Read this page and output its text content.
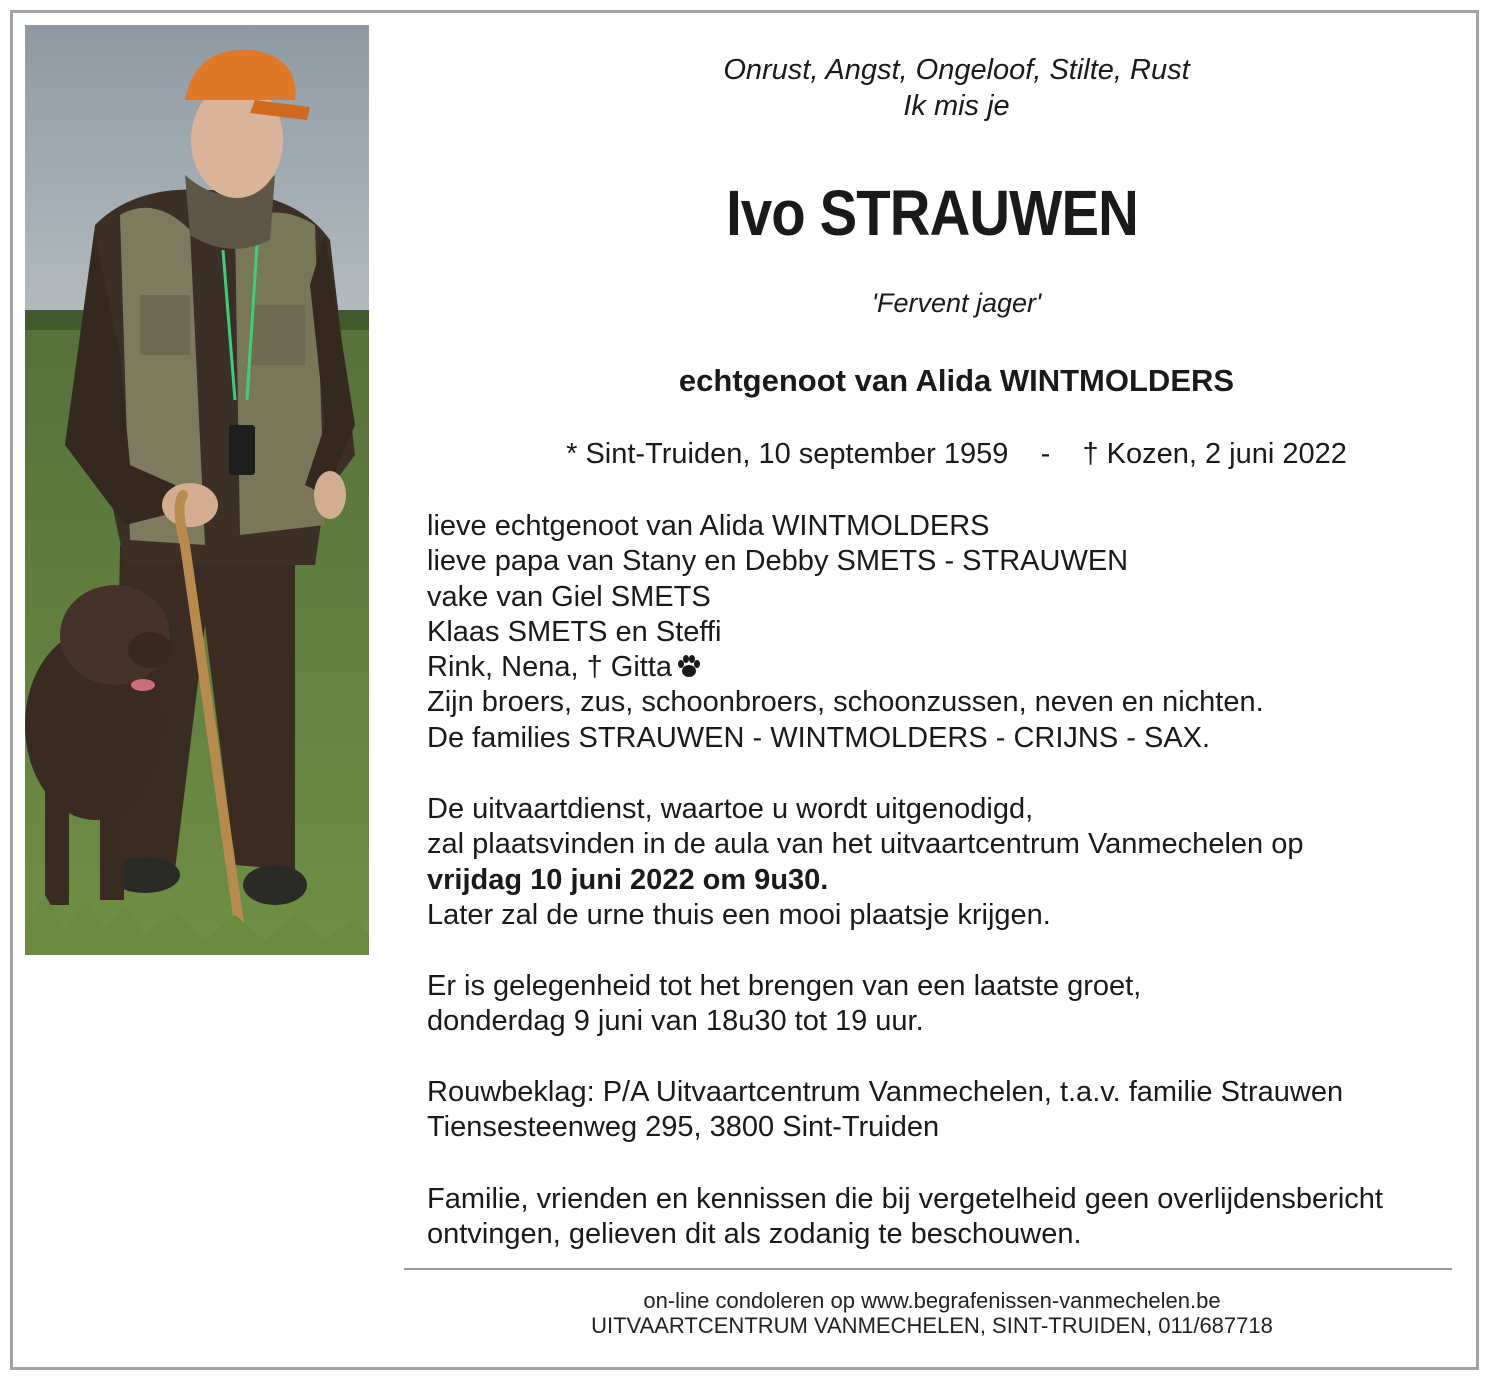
Onrust, Angst, Ongeloof, Stilte, Rust
Ik mis je
Ivo STRAUWEN
'Fervent jager'
echtgenoot van Alida WINTMOLDERS
* Sint-Truiden, 10 september 1959    -    † Kozen, 2 juni 2022
lieve echtgenoot van Alida WINTMOLDERS
lieve papa van Stany en Debby SMETS - STRAUWEN
vake van Giel SMETS
Klaas SMETS en Steffi
Rink, Nena, † Gitta
Zijn broers, zus, schoonbroers, schoonzussen, neven en nichten.
De families STRAUWEN - WINTMOLDERS - CRIJNS - SAX.
De uitvaartdienst, waartoe u wordt uitgenodigd,
zal plaatsvinden in de aula van het uitvaartcentrum Vanmechelen op
vrijdag 10 juni 2022 om 9u30.
Later zal de urne thuis een mooi plaatsje krijgen.
Er is gelegenheid tot het brengen van een laatste groet,
donderdag 9 juni van 18u30 tot 19 uur.
Rouwbeklag: P/A Uitvaartcentrum Vanmechelen, t.a.v. familie Strauwen
Tiensesteenweg 295, 3800 Sint-Truiden
Familie, vrienden en kennissen die bij vergetelheid geen overlijdensbericht
ontvingen, gelieven dit als zodanig te beschouwen.
on-line condoleren op www.begrafenissen-vanmechelen.be
UITVAARTCENTRUM VANMECHELEN, SINT-TRUIDEN, 011/687718
